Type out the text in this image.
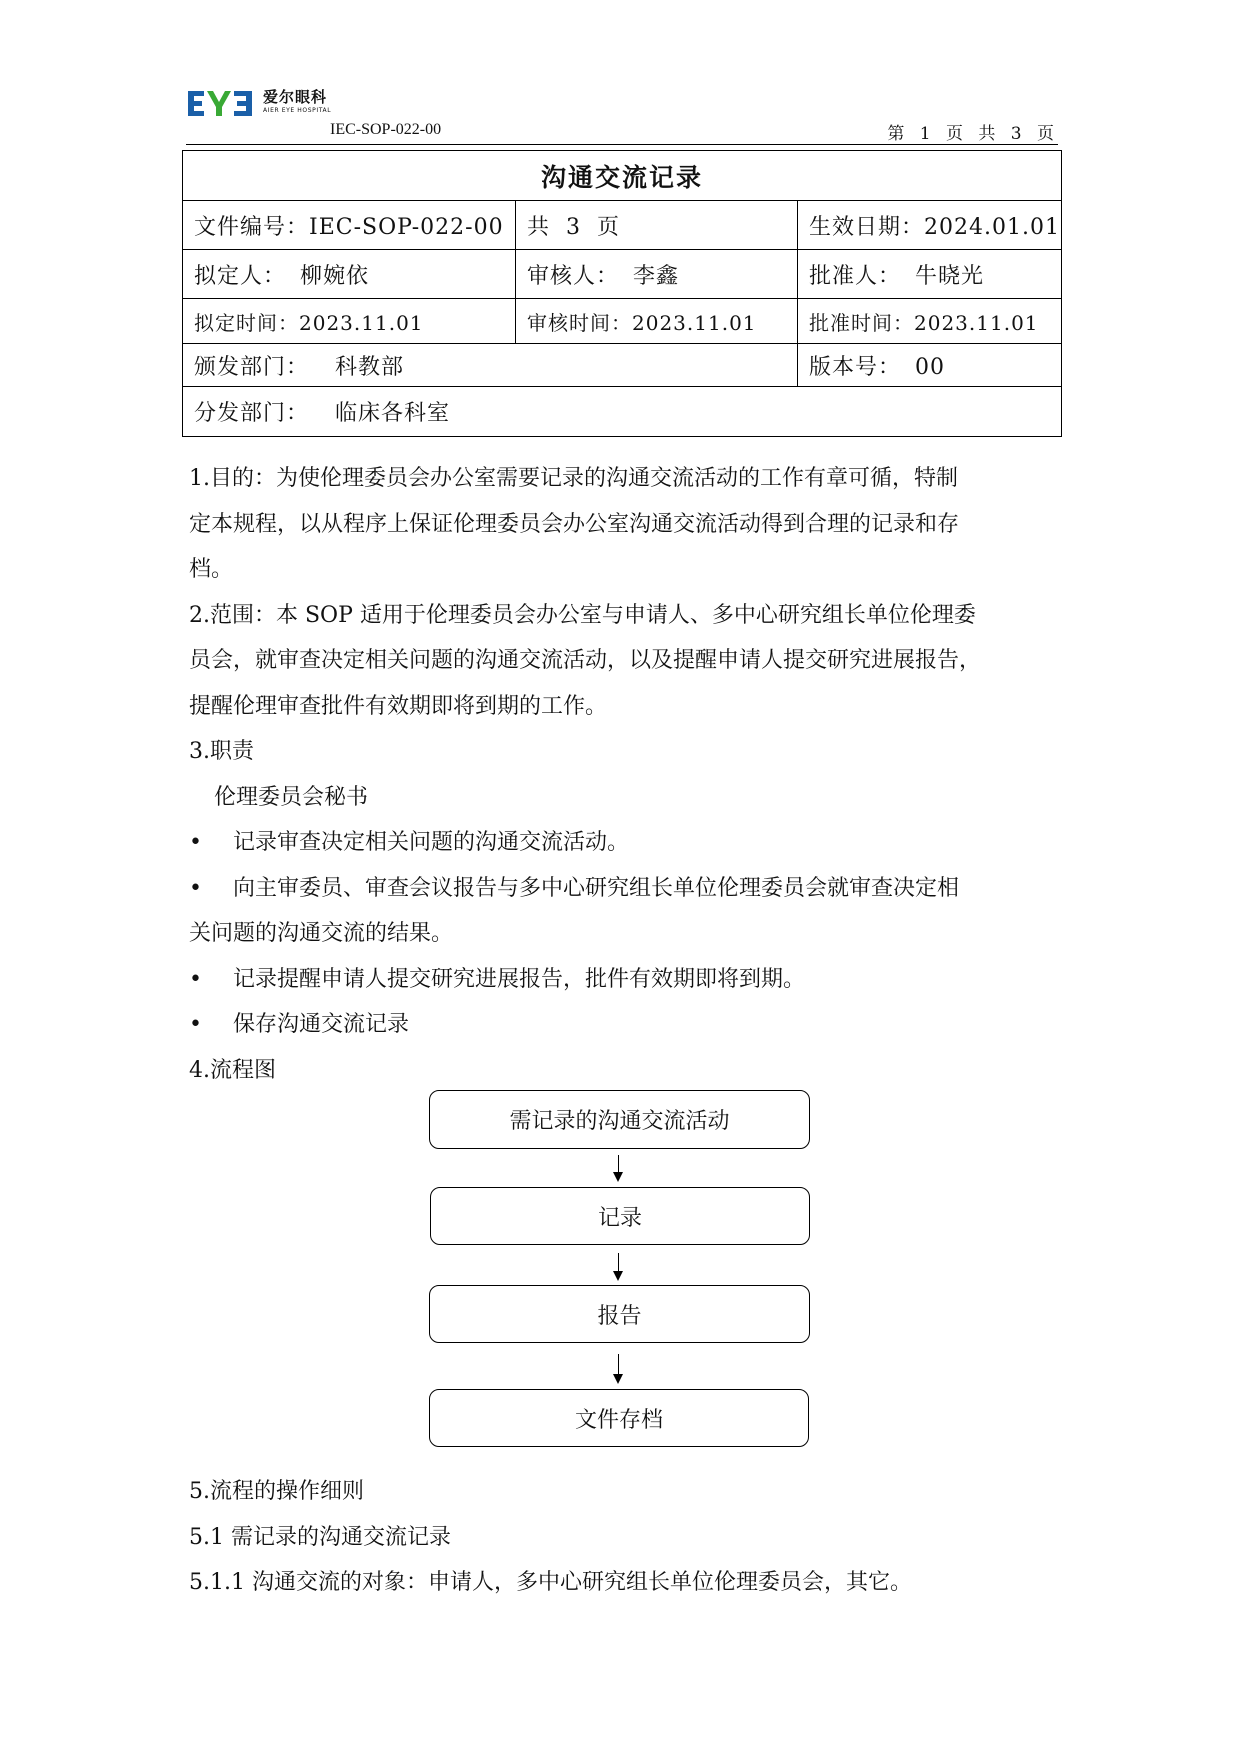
爱尔眼科
AIER EYE HOSPITAL
IEC-SOP-022-00	第 1 页 共 3 页
沟通交流记录		
文件编号：IEC-SOP-022-00	共 3 页	生效日期：2024.01.01
拟定人： 柳婉依	审核人： 李鑫	批准人： 牛晓光
拟定时间：2023.11.01	审核时间：2023.11.01	批准时间：2023.11.01
颁发部门： 科教部		版本号： 00
分发部门： 临床各科室		

1.目的：为使伦理委员会办公室需要记录的沟通交流活动的工作有章可循，特制

定本规程，以从程序上保证伦理委员会办公室沟通交流活动得到合理的记录和存

档。

2.范围：本 SOP 适用于伦理委员会办公室与申请人、多中心研究组长单位伦理委

员会，就审查决定相关问题的沟通交流活动，以及提醒申请人提交研究进展报告，

提醒伦理审查批件有效期即将到期的工作。

3.职责

伦理委员会秘书

• 记录审查决定相关问题的沟通交流活动。

• 向主审委员、审查会议报告与多中心研究组长单位伦理委员会就审查决定相

关问题的沟通交流的结果。

• 记录提醒申请人提交研究进展报告，批件有效期即将到期。

• 保存沟通交流记录

4.流程图

需记录的沟通交流活动
记录
报告
文件存档

5.流程的操作细则

5.1 需记录的沟通交流记录

5.1.1 沟通交流的对象：申请人，多中心研究组长单位伦理委员会，其它。
